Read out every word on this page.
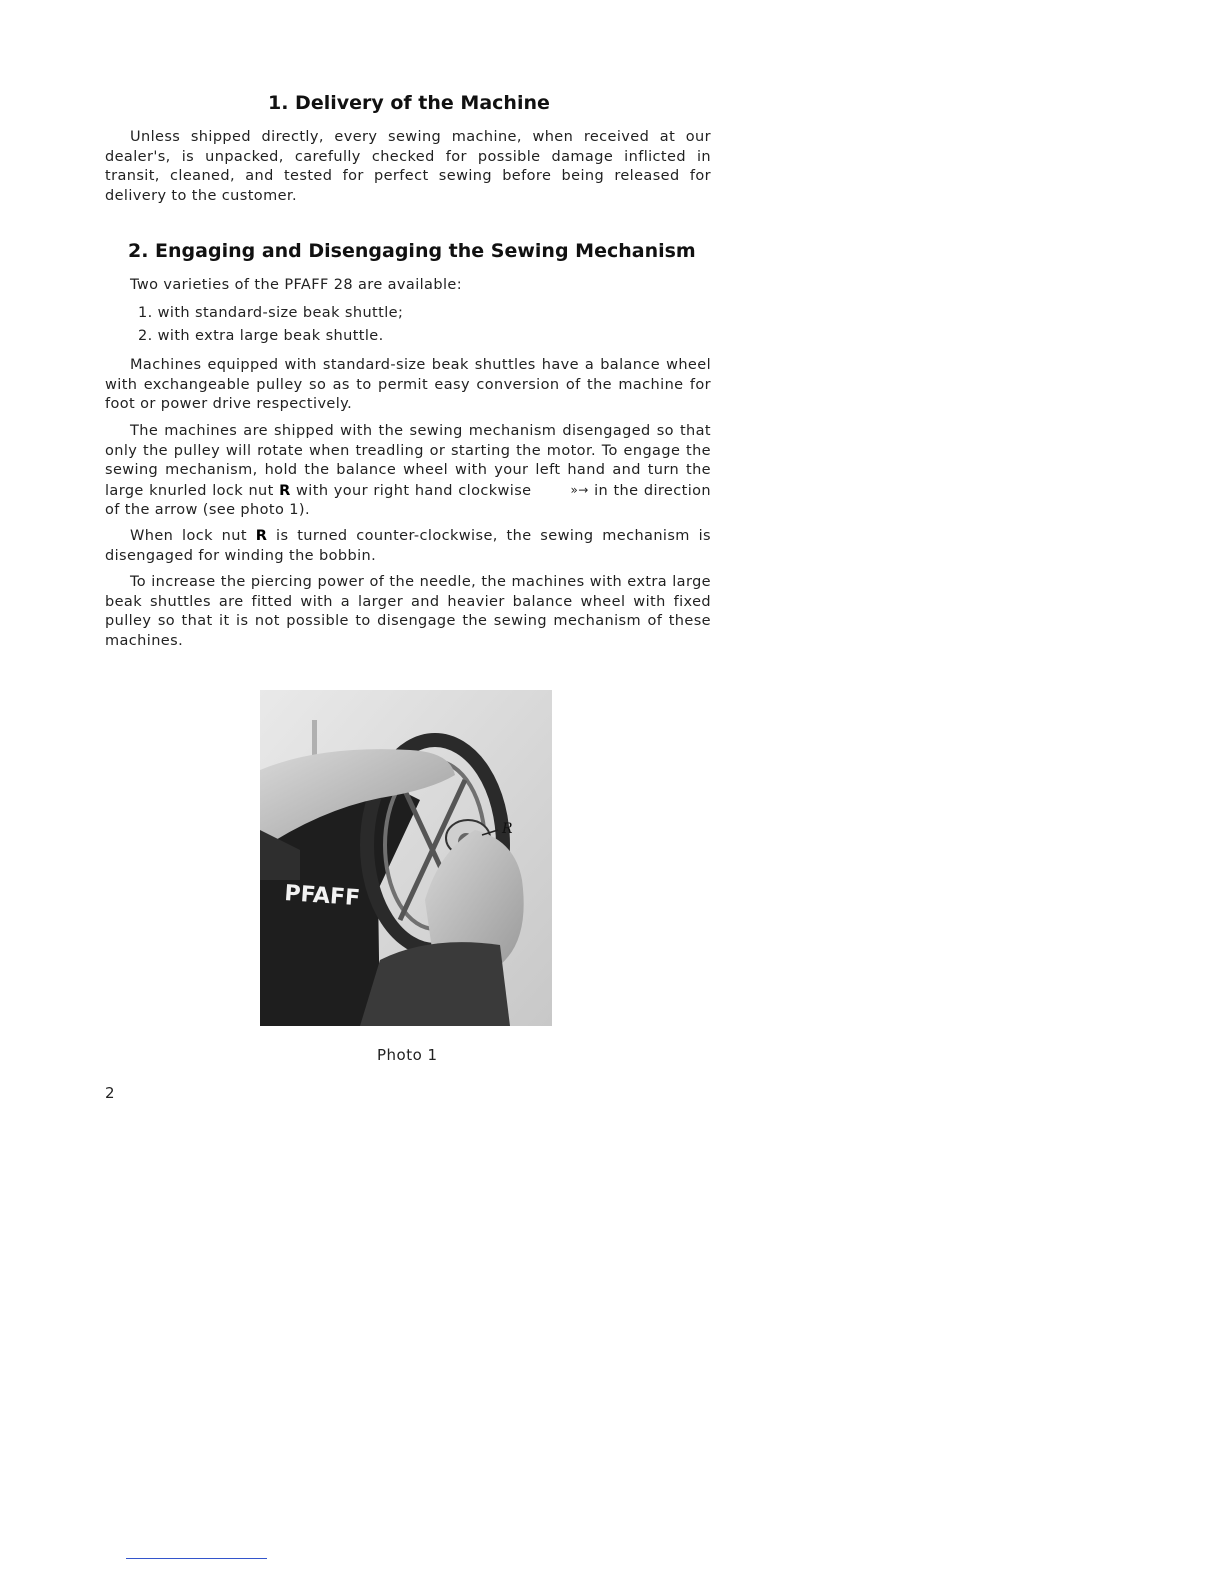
1. Delivery of the Machine

Unless shipped directly, every sewing machine, when received at our dealer's, is unpacked, carefully checked for possible damage inflicted in transit, cleaned, and tested for perfect sewing before being released for delivery to the customer.

2. Engaging and Disengaging the Sewing Mechanism

Two varieties of the PFAFF 28 are available:

1. with standard-size beak shuttle;

2. with extra large beak shuttle.

Machines equipped with standard-size beak shuttles have a balance wheel with exchangeable pulley so as to permit easy conversion of the machine for foot or power drive respectively.

The machines are shipped with the sewing mechanism disengaged so that only the pulley will rotate when treadling or starting the motor. To engage the sewing mechanism, hold the balance wheel with your left hand and turn the large knurled lock nut R with your right hand clockwise	»→ in the direction of the arrow (see photo 1).

When lock nut R is turned counter-clockwise, the sewing mechanism is disengaged for winding the bobbin.

To increase the piercing power of the needle, the machines with extra large beak shuttles are fitted with a larger and heavier balance wheel with fixed pulley so that it is not possible to disengage the sewing mechanism of these machines.

R
PFAFF
Photo 1
2
